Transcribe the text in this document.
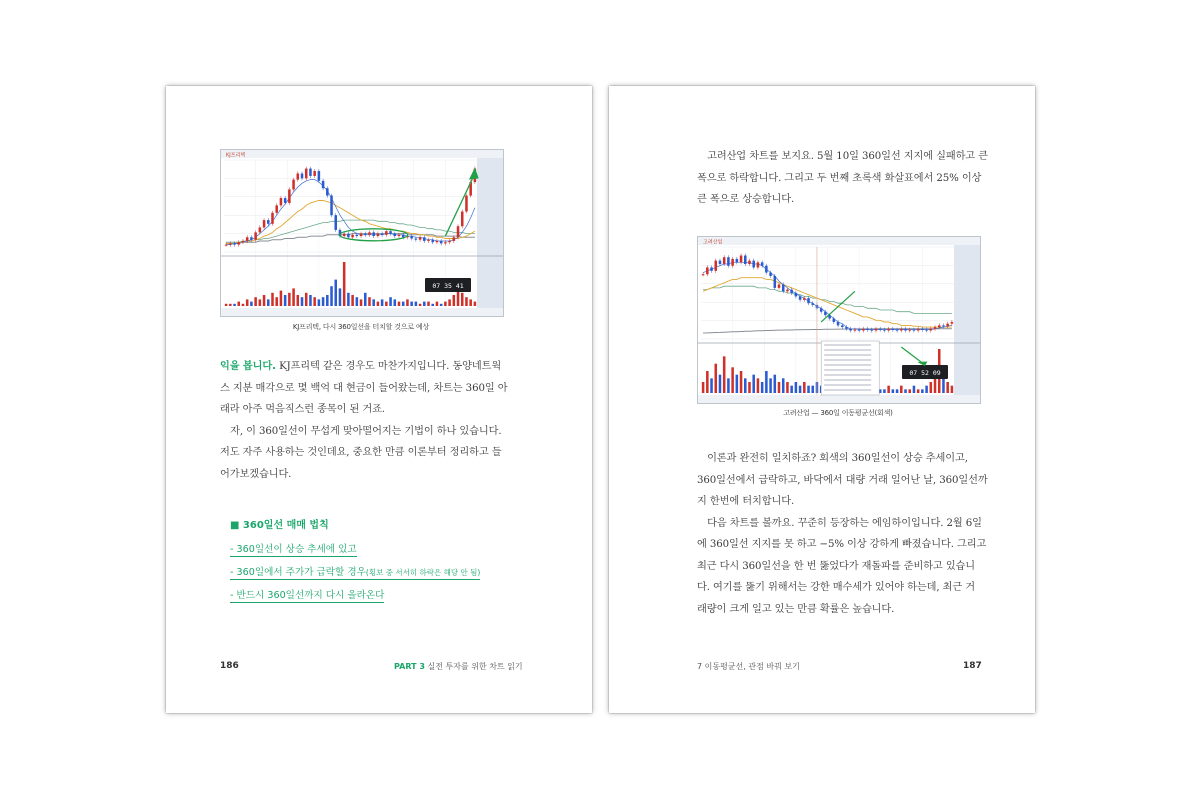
KJ프리텍
07 35 41
KJ프리텍, 다시 360일선을 터치할 것으로 예상

익을 봅니다. KJ프리텍 같은 경우도 마찬가지입니다. 동양네트웍

스 지분 매각으로 몇 백억 대 현금이 들어왔는데, 차트는 360일 아

래라 아주 먹음직스런 종목이 된 거죠.

　자, 이 360일선이 무섭게 맞아떨어지는 기법이 하나 있습니다.

저도 자주 사용하는 것인데요, 중요한 만큼 이론부터 정리하고 들

어가보겠습니다.

■ 360일선 매매 법칙
- 360일선이 상승 추세에 있고
- 360일에서 주가가 급락할 경우(횡보 중 서서히 하락은 해당 안 됨)
- 반드시 360일선까지 다시 올라온다
186	PART 3 실전 투자를 위한 차트 읽기

　고려산업 차트를 보지요. 5월 10일 360일선 지지에 실패하고 큰

폭으로 하락합니다. 그리고 두 번째 초록색 화살표에서 25% 이상

큰 폭으로 상승합니다.

고려산업
07 52 09
고려산업 — 360일 이동평균선(회색)

　이론과 완전히 일치하죠? 회색의 360일선이 상승 추세이고,

360일선에서 급락하고, 바닥에서 대량 거래 일어난 날, 360일선까

지 한번에 터치합니다.

　다음 차트를 볼까요. 꾸준히 등장하는 에임하이입니다. 2월 6일

에 360일선 지지를 못 하고 −5% 이상 강하게 빠졌습니다. 그리고

최근 다시 360일선을 한 번 뚫었다가 재돌파를 준비하고 있습니

다. 여기를 뚫기 위해서는 강한 매수세가 있어야 하는데, 최근 거

래량이 크게 일고 있는 만큼 확률은 높습니다.

7 이동평균선, 관점 바꿔 보기	187
